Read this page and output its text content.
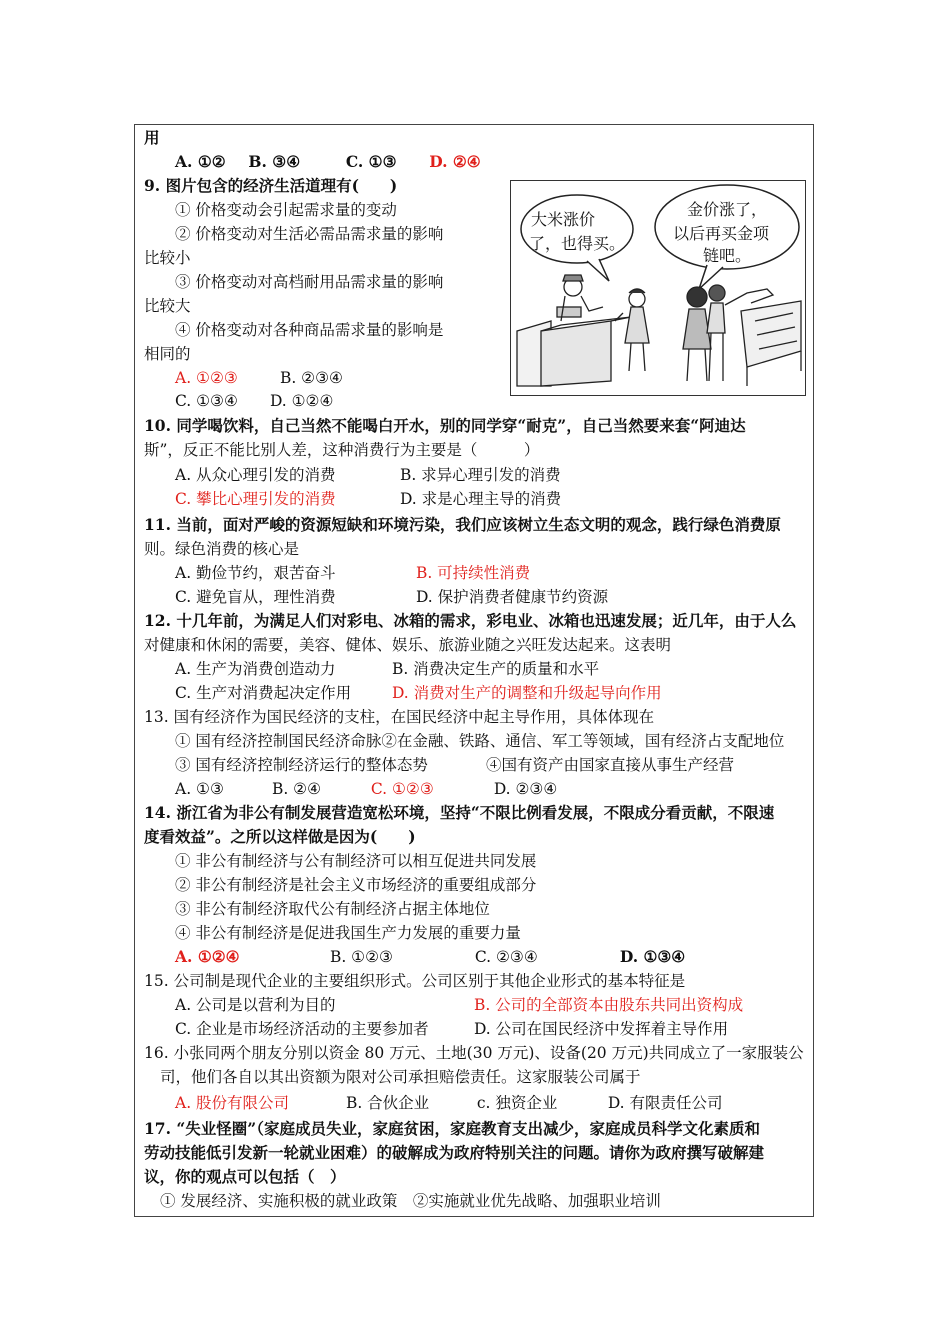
用
A. ①② B. ③④	C. ①③ D. ②④
9. 图片包含的经济生活道理有(　　)
① 价格变动会引起需求量的变动
② 价格变动对生活必需品需求量的影响
比较小
③ 价格变动对高档耐用品需求量的影响
比较大
④ 价格变动对各种商品需求量的影响是
相同的
A. ①②③	B. ②③④
C. ①③④ D. ①②④
大米涨价
了，也得买。
金价涨了，
以后再买金项
链吧。
10. 同学喝饮料，自己当然不能喝白开水，别的同学穿“耐克”，自己当然要来套“阿迪达
斯”，反正不能比别人差，这种消费行为主要是（　　　）
A. 从众心理引发的消费	B. 求异心理引发的消费
C. 攀比心理引发的消费	D. 求是心理主导的消费
11. 当前，面对严峻的资源短缺和环境污染，我们应该树立生态文明的观念，践行绿色消费原
则。绿色消费的核心是
A. 勤俭节约，艰苦奋斗	B. 可持续性消费
C. 避免盲从，理性消费	D. 保护消费者健康节约资源
12. 十几年前，为满足人们对彩电、冰箱的需求，彩电业、冰箱也迅速发展；近几年，由于人么
对健康和休闲的需要，美容、健体、娱乐、旅游业随之兴旺发达起来。这表明
A. 生产为消费创造动力	B. 消费决定生产的质量和水平
C. 生产对消费起决定作用	D. 消费对生产的调整和升级起导向作用
13. 国有经济作为国民经济的支柱，在国民经济中起主导作用，具体体现在
① 国有经济控制国民经济命脉②在金融、铁路、通信、军工等领域，国有经济占支配地位
③ 国有经济控制经济运行的整体态势	④国有资产由国家直接从事生产经营
A. ①③	B. ②④	C. ①②③	D. ②③④
14. 浙江省为非公有制发展营造宽松环境，坚持“不限比例看发展，不限成分看贡献，不限速
度看效益”。之所以这样做是因为(　　)
① 非公有制经济与公有制经济可以相互促进共同发展
② 非公有制经济是社会主义市场经济的重要组成部分
③ 非公有制经济取代公有制经济占据主体地位
④ 非公有制经济是促进我国生产力发展的重要力量
A. ①②④	B. ①②③	C. ②③④	D. ①③④
15. 公司制是现代企业的主要组织形式。公司区别于其他企业形式的基本特征是
A. 公司是以营利为目的	B. 公司的全部资本由股东共同出资构成
C. 企业是市场经济活动的主要参加者	D. 公司在国民经济中发挥着主导作用
16. 小张同两个朋友分别以资金 80 万元、土地(30 万元)、设备(20 万元)共同成立了一家服装公
司，他们各自以其出资额为限对公司承担赔偿责任。这家服装公司属于
A. 股份有限公司	B. 合伙企业	c. 独资企业	D. 有限责任公司
17. “失业怪圈”（家庭成员失业，家庭贫困，家庭教育支出减少，家庭成员科学文化素质和
劳动技能低引发新一轮就业困难）的破解成为政府特别关注的问题。请你为政府撰写破解建
议，你的观点可以包括（　）
① 发展经济、实施积极的就业政策　②实施就业优先战略、加强职业培训
